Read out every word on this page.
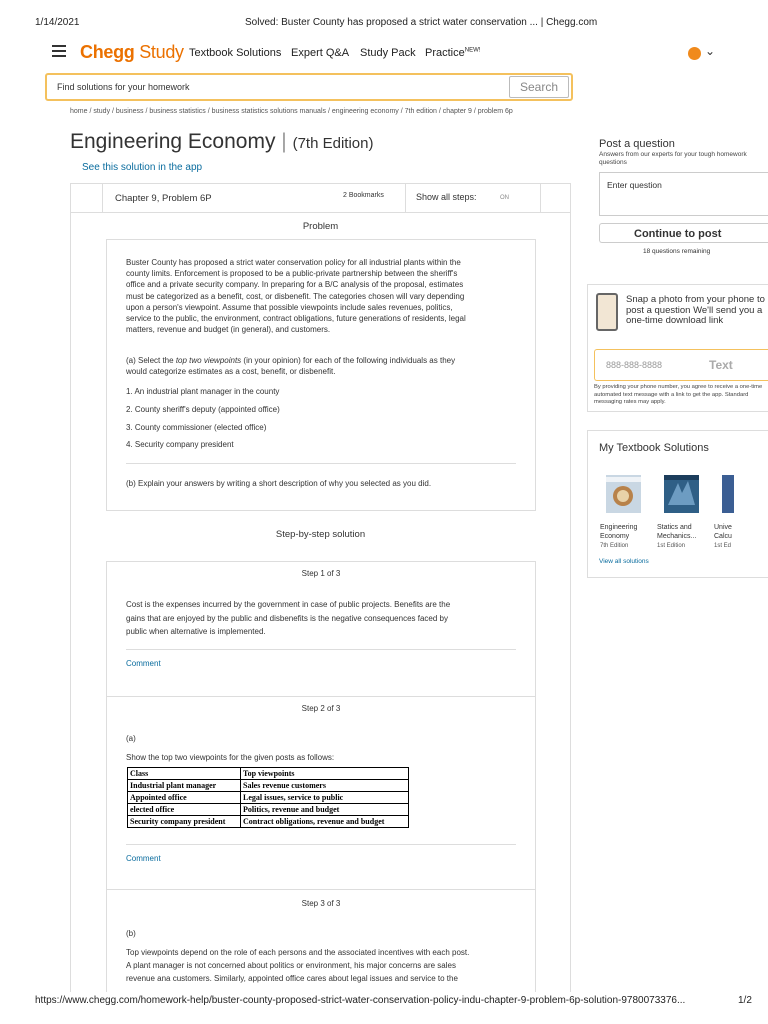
1/14/2021	Solved: Buster County has proposed a strict water conservation ... | Chegg.com
Chegg Study Textbook Solutions Expert Q&A Study Pack Practice$^{NEW!}$	⌄
Find solutions for your homework	Search
home / study / business / business statistics / business statistics solutions manuals / engineering economy / 7th edition / chapter 9 / problem 6p
Engineering Economy | (7th Edition)
See this solution in the app
Chapter 9, Problem 6P	2 Bookmarks	Show all steps:	ON
Problem
Buster County has proposed a strict water conservation policy for all industrial plants within the
county limits. Enforcement is proposed to be a public-private partnership between the sheriff's
office and a private security company. In preparing for a B/C analysis of the proposal, estimates
must be categorized as a benefit, cost, or disbenefit. The categories chosen will vary depending
upon a person's viewpoint. Assume that possible viewpoints include sales revenues, politics,
service to the public, the environment, contract obligations, future generations of residents, legal
matters, revenue and budget (in general), and customers.
(a) Select the top two viewpoints (in your opinion) for each of the following individuals as they
would categorize estimates as a cost, benefit, or disbenefit.
1. An industrial plant manager in the county
2. County sheriff's deputy (appointed office)
3. County commissioner (elected office)
4. Security company president
(b) Explain your answers by writing a short description of why you selected as you did.
Step-by-step solution
Step 1 of 3
Cost is the expenses incurred by the government in case of public projects. Benefits are the
gains that are enjoyed by the public and disbenefits is the negative consequences faced by
public when alternative is implemented.
Comment
Step 2 of 3
(a)
Show the top two viewpoints for the given posts as follows:
Class	Top viewpoints
Industrial plant manager	Sales revenue customers
Appointed office	Legal issues, service to public
elected office	Politics, revenue and budget
Security company president	Contract obligations, revenue and budget
Comment
Step 3 of 3
(b)
Top viewpoints depend on the role of each persons and the associated incentives with each post.
A plant manager is not concerned about politics or environment, his major concerns are sales
revenue ana customers. Similarly, appointed office cares about legal issues and service to the
Post a question
Answers from our experts for your tough homework questions
Enter question
Continue to post
18 questions remaining
Snap a photo from your phone to post a question We'll send you a one-time download link
888-888-8888	Text
By providing your phone number, you agree to receive a one-time automated text message with a link to get the app. Standard messaging rates may apply.
My Textbook Solutions
Engineering
Economy
Statics and
Mechanics...
Unive
Calcu
7th Edition	1st Edition	1st Ed
View all solutions
https://www.chegg.com/homework-help/buster-county-proposed-strict-water-conservation-policy-indu-chapter-9-problem-6p-solution-9780073376...	1/2
